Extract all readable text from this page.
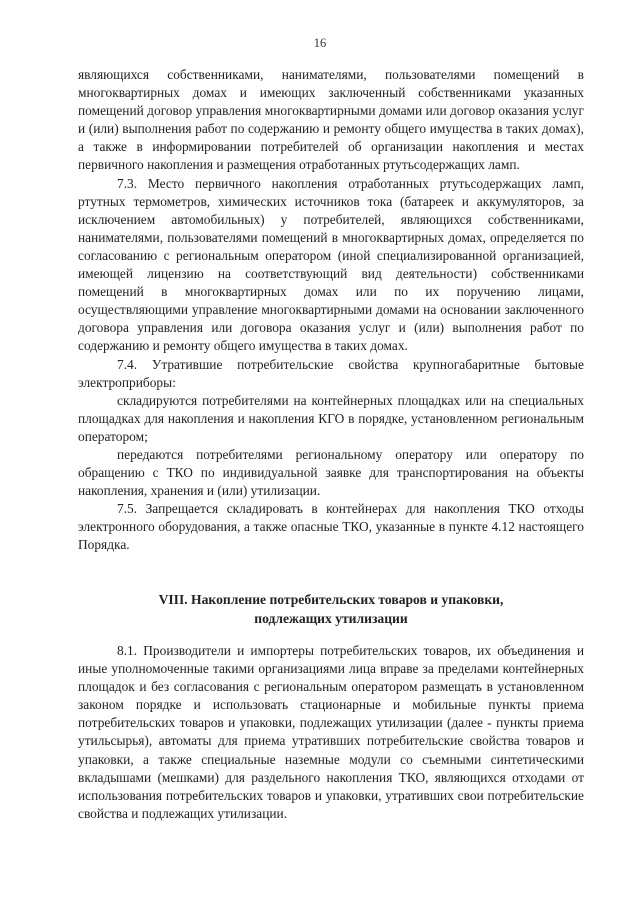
16

являющихся собственниками, нанимателями, пользователями помещений в многоквартирных домах и имеющих заключенный собственниками указанных помещений договор управления многоквартирными домами или договор оказания услуг и (или) выполнения работ по содержанию и ремонту общего имущества в таких домах), а также в информировании потребителей об организации накопления и местах первичного накопления и размещения отработанных ртутьсодержащих ламп.

7.3. Место первичного накопления отработанных ртутьсодержащих ламп, ртутных термометров, химических источников тока (батареек и аккумуляторов, за исключением автомобильных) у потребителей, являющихся собственниками, нанимателями, пользователями помещений в многоквартирных домах, определяется по согласованию с региональным оператором (иной специализированной организацией, имеющей лицензию на соответствующий вид деятельности) собственниками помещений в многоквартирных домах или по их поручению лицами, осуществляющими управление многоквартирными домами на основании заключенного договора управления или договора оказания услуг и (или) выполнения работ по содержанию и ремонту общего имущества в таких домах.

7.4. Утратившие потребительские свойства крупногабаритные бытовые электроприборы:

складируются потребителями на контейнерных площадках или на специальных площадках для накопления и накопления КГО в порядке, установленном региональным оператором;

передаются потребителями региональному оператору или оператору по обращению с ТКО по индивидуальной заявке для транспортирования на объекты накопления, хранения и (или) утилизации.

7.5. Запрещается складировать в контейнерах для накопления ТКО отходы электронного оборудования, а также опасные ТКО, указанные в пункте 4.12 настоящего Порядка.

VIII. Накопление потребительских товаров и упаковки,
подлежащих утилизации

8.1. Производители и импортеры потребительских товаров, их объединения и иные уполномоченные такими организациями лица вправе за пределами контейнерных площадок и без согласования с региональным оператором размещать в установленном законом порядке и использовать стационарные и мобильные пункты приема потребительских товаров и упаковки, подлежащих утилизации (далее - пункты приема утильсырья), автоматы для приема утративших потребительские свойства товаров и упаковки, а также специальные наземные модули со съемными синтетическими вкладышами (мешками) для раздельного накопления ТКО, являющихся отходами от использования потребительских товаров и упаковки, утративших свои потребительские свойства и подлежащих утилизации.
